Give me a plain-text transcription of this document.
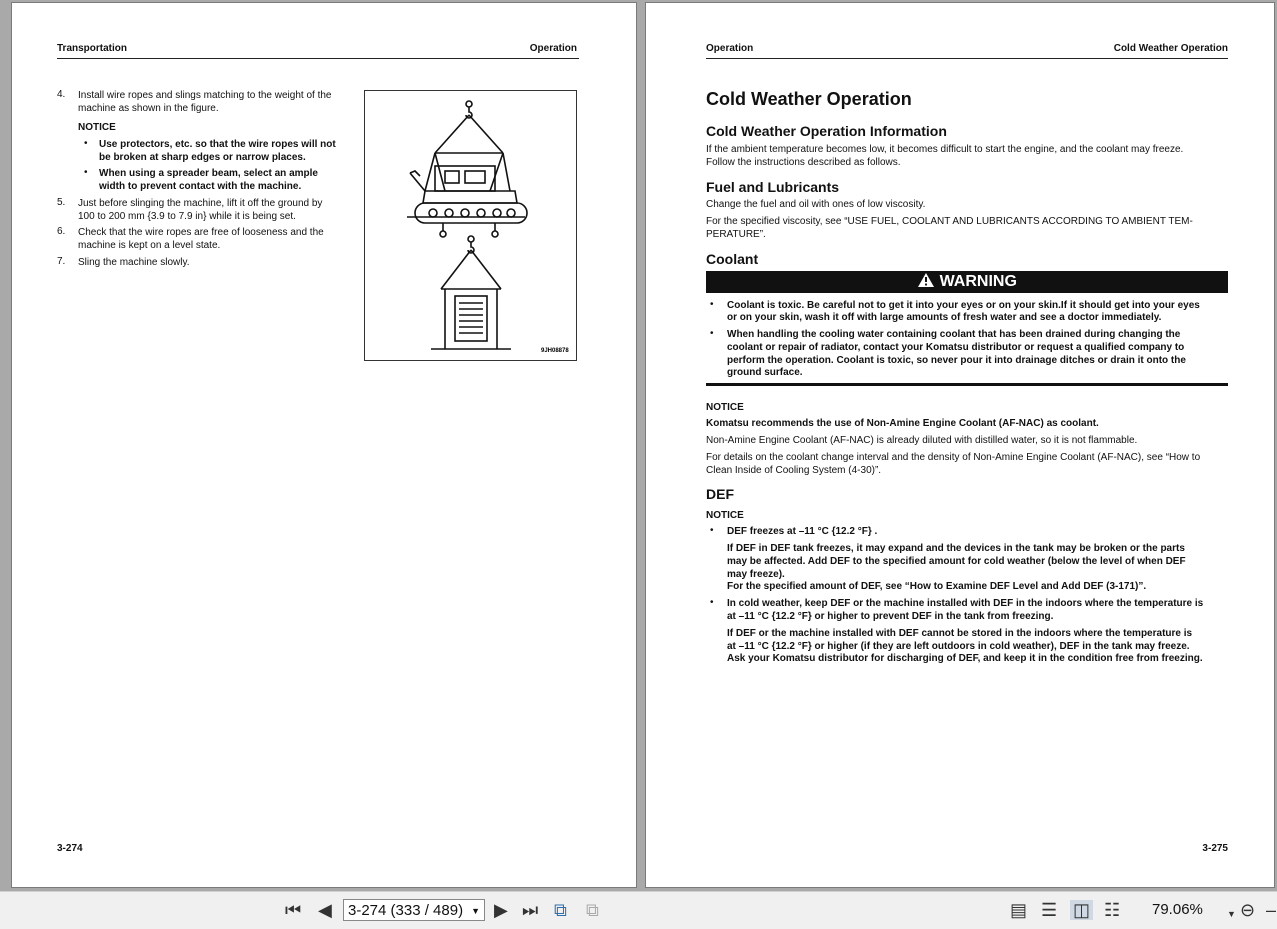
Transportation	Operation
4. Install wire ropes and slings matching to the weight of the
machine as shown in the figure.
NOTICE
• Use protectors, etc. so that the wire ropes will not
be broken at sharp edges or narrow places.
• When using a spreader beam, select an ample
width to prevent contact with the machine.
5. Just before slinging the machine, lift it off the ground by
100 to 200 mm {3.9 to 7.9 in} while it is being set.
6. Check that the wire ropes are free of looseness and the
machine is kept on a level state.
7. Sling the machine slowly.
9JH08878
3-274
Operation	Cold Weather Operation
Cold Weather Operation
Cold Weather Operation Information
If the ambient temperature becomes low, it becomes difficult to start the engine, and the coolant may freeze.
Follow the instructions described as follows.
Fuel and Lubricants
Change the fuel and oil with ones of low viscosity.
For the specified viscosity, see “USE FUEL, COOLANT AND LUBRICANTS ACCORDING TO AMBIENT TEM-
PERATURE”.
Coolant
WARNING
• Coolant is toxic. Be careful not to get it into your eyes or on your skin.If it should get into your eyes
or on your skin, wash it off with large amounts of fresh water and see a doctor immediately.
• When handling the cooling water containing coolant that has been drained during changing the
coolant or repair of radiator, contact your Komatsu distributor or request a qualified company to
perform the operation. Coolant is toxic, so never pour it into drainage ditches or drain it onto the
ground surface.
NOTICE
Komatsu recommends the use of Non-Amine Engine Coolant (AF-NAC) as coolant.
Non-Amine Engine Coolant (AF-NAC) is already diluted with distilled water, so it is not flammable.
For details on the coolant change interval and the density of Non-Amine Engine Coolant (AF-NAC), see “How to
Clean Inside of Cooling System (4-30)”.
DEF
NOTICE
• DEF freezes at –11 °C {12.2 °F} .
If DEF in DEF tank freezes, it may expand and the devices in the tank may be broken or the parts
may be affected. Add DEF to the specified amount for cold weather (below the level of when DEF
may freeze).
For the specified amount of DEF, see “How to Examine DEF Level and Add DEF (3-171)”.
• In cold weather, keep DEF or the machine installed with DEF in the indoors where the temperature is
at –11 °C {12.2 °F} or higher to prevent DEF in the tank from freezing.
If DEF or the machine installed with DEF cannot be stored in the indoors where the temperature is
at –11 °C {12.2 °F} or higher (if they are left outdoors in cold weather), DEF in the tank may freeze.
Ask your Komatsu distributor for discharging of DEF, and keep it in the condition free from freezing.
3-275
⏮ ◀	3-274 (333 / 489) ▼ ▶ ⏭ ⧉ ⧉	▤ ☰ ◫ ☷ 79.06%	▼ ⊖ –
